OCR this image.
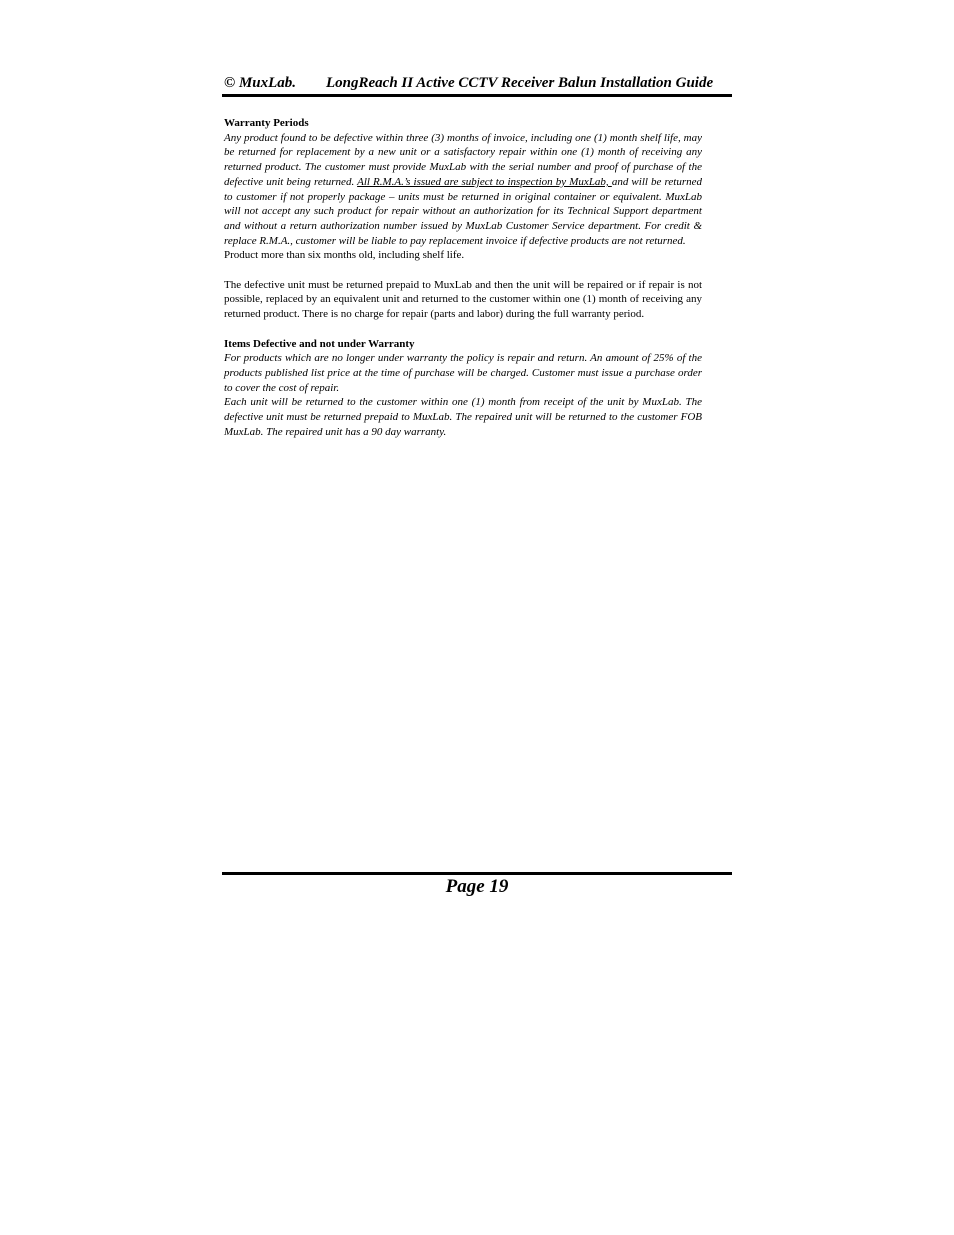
© MuxLab. LongReach II Active CCTV Receiver Balun Installation Guide
Warranty Periods

Any product found to be defective within three (3) months of invoice, including one (1) month shelf life, may be returned for replacement by a new unit or a satisfactory repair within one (1) month of receiving any returned product. The customer must provide MuxLab with the serial number and proof of purchase of the defective unit being returned. All R.M.A.’s issued are subject to inspection by MuxLab, and will be returned to customer if not properly package – units must be returned in original container or equivalent. MuxLab will not accept any such product for repair without an authorization for its Technical Support department and without a return authorization number issued by MuxLab Customer Service department. For credit & replace R.M.A., customer will be liable to pay replacement invoice if defective products are not returned.

Product more than six months old, including shelf life.

The defective unit must be returned prepaid to MuxLab and then the unit will be repaired or if repair is not possible, replaced by an equivalent unit and returned to the customer within one (1) month of receiving any returned product. There is no charge for repair (parts and labor) during the full warranty period.

Items Defective and not under Warranty

For products which are no longer under warranty the policy is repair and return. An amount of 25% of the products published list price at the time of purchase will be charged. Customer must issue a purchase order to cover the cost of repair.

Each unit will be returned to the customer within one (1) month from receipt of the unit by MuxLab. The defective unit must be returned prepaid to MuxLab. The repaired unit will be returned to the customer FOB MuxLab. The repaired unit has a 90 day warranty.

Page 19
